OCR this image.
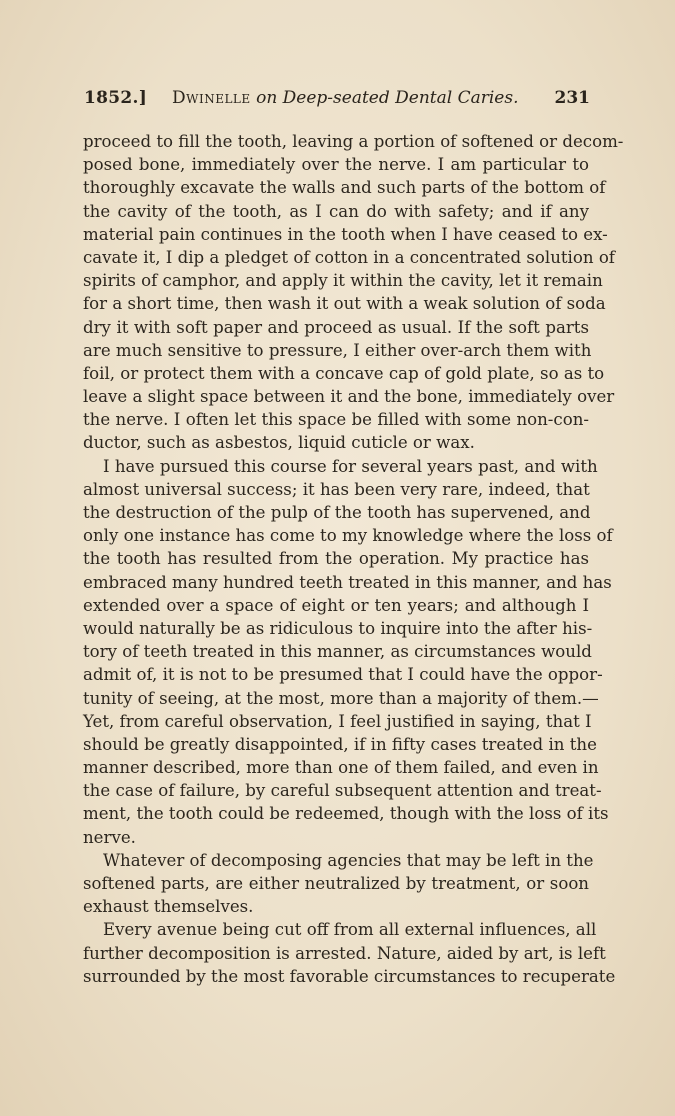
1852.] Dwinelle on Deep-seated Dental Caries. 231
proceed to fill the tooth, leaving a portion of softened or decom-
posed bone, immediately over the nerve. I am particular to
thoroughly excavate the walls and such parts of the bottom of
the cavity of the tooth, as I can do with safety; and if any
material pain continues in the tooth when I have ceased to ex-
cavate it, I dip a pledget of cotton in a concentrated solution of
spirits of camphor, and apply it within the cavity, let it remain
for a short time, then wash it out with a weak solution of soda
dry it with soft paper and proceed as usual. If the soft parts
are much sensitive to pressure, I either over-arch them with
foil, or protect them with a concave cap of gold plate, so as to
leave a slight space between it and the bone, immediately over
the nerve. I often let this space be filled with some non-con-
ductor, such as asbestos, liquid cuticle or wax.
I have pursued this course for several years past, and with
almost universal success; it has been very rare, indeed, that
the destruction of the pulp of the tooth has supervened, and
only one instance has come to my knowledge where the loss of
the tooth has resulted from the operation. My practice has
embraced many hundred teeth treated in this manner, and has
extended over a space of eight or ten years; and although I
would naturally be as ridiculous to inquire into the after his-
tory of teeth treated in this manner, as circumstances would
admit of, it is not to be presumed that I could have the oppor-
tunity of seeing, at the most, more than a majority of them.—
Yet, from careful observation, I feel justified in saying, that I
should be greatly disappointed, if in fifty cases treated in the
manner described, more than one of them failed, and even in
the case of failure, by careful subsequent attention and treat-
ment, the tooth could be redeemed, though with the loss of its
nerve.
Whatever of decomposing agencies that may be left in the
softened parts, are either neutralized by treatment, or soon
exhaust themselves.
Every avenue being cut off from all external influences, all
further decomposition is arrested. Nature, aided by art, is left
surrounded by the most favorable circumstances to recuperate
